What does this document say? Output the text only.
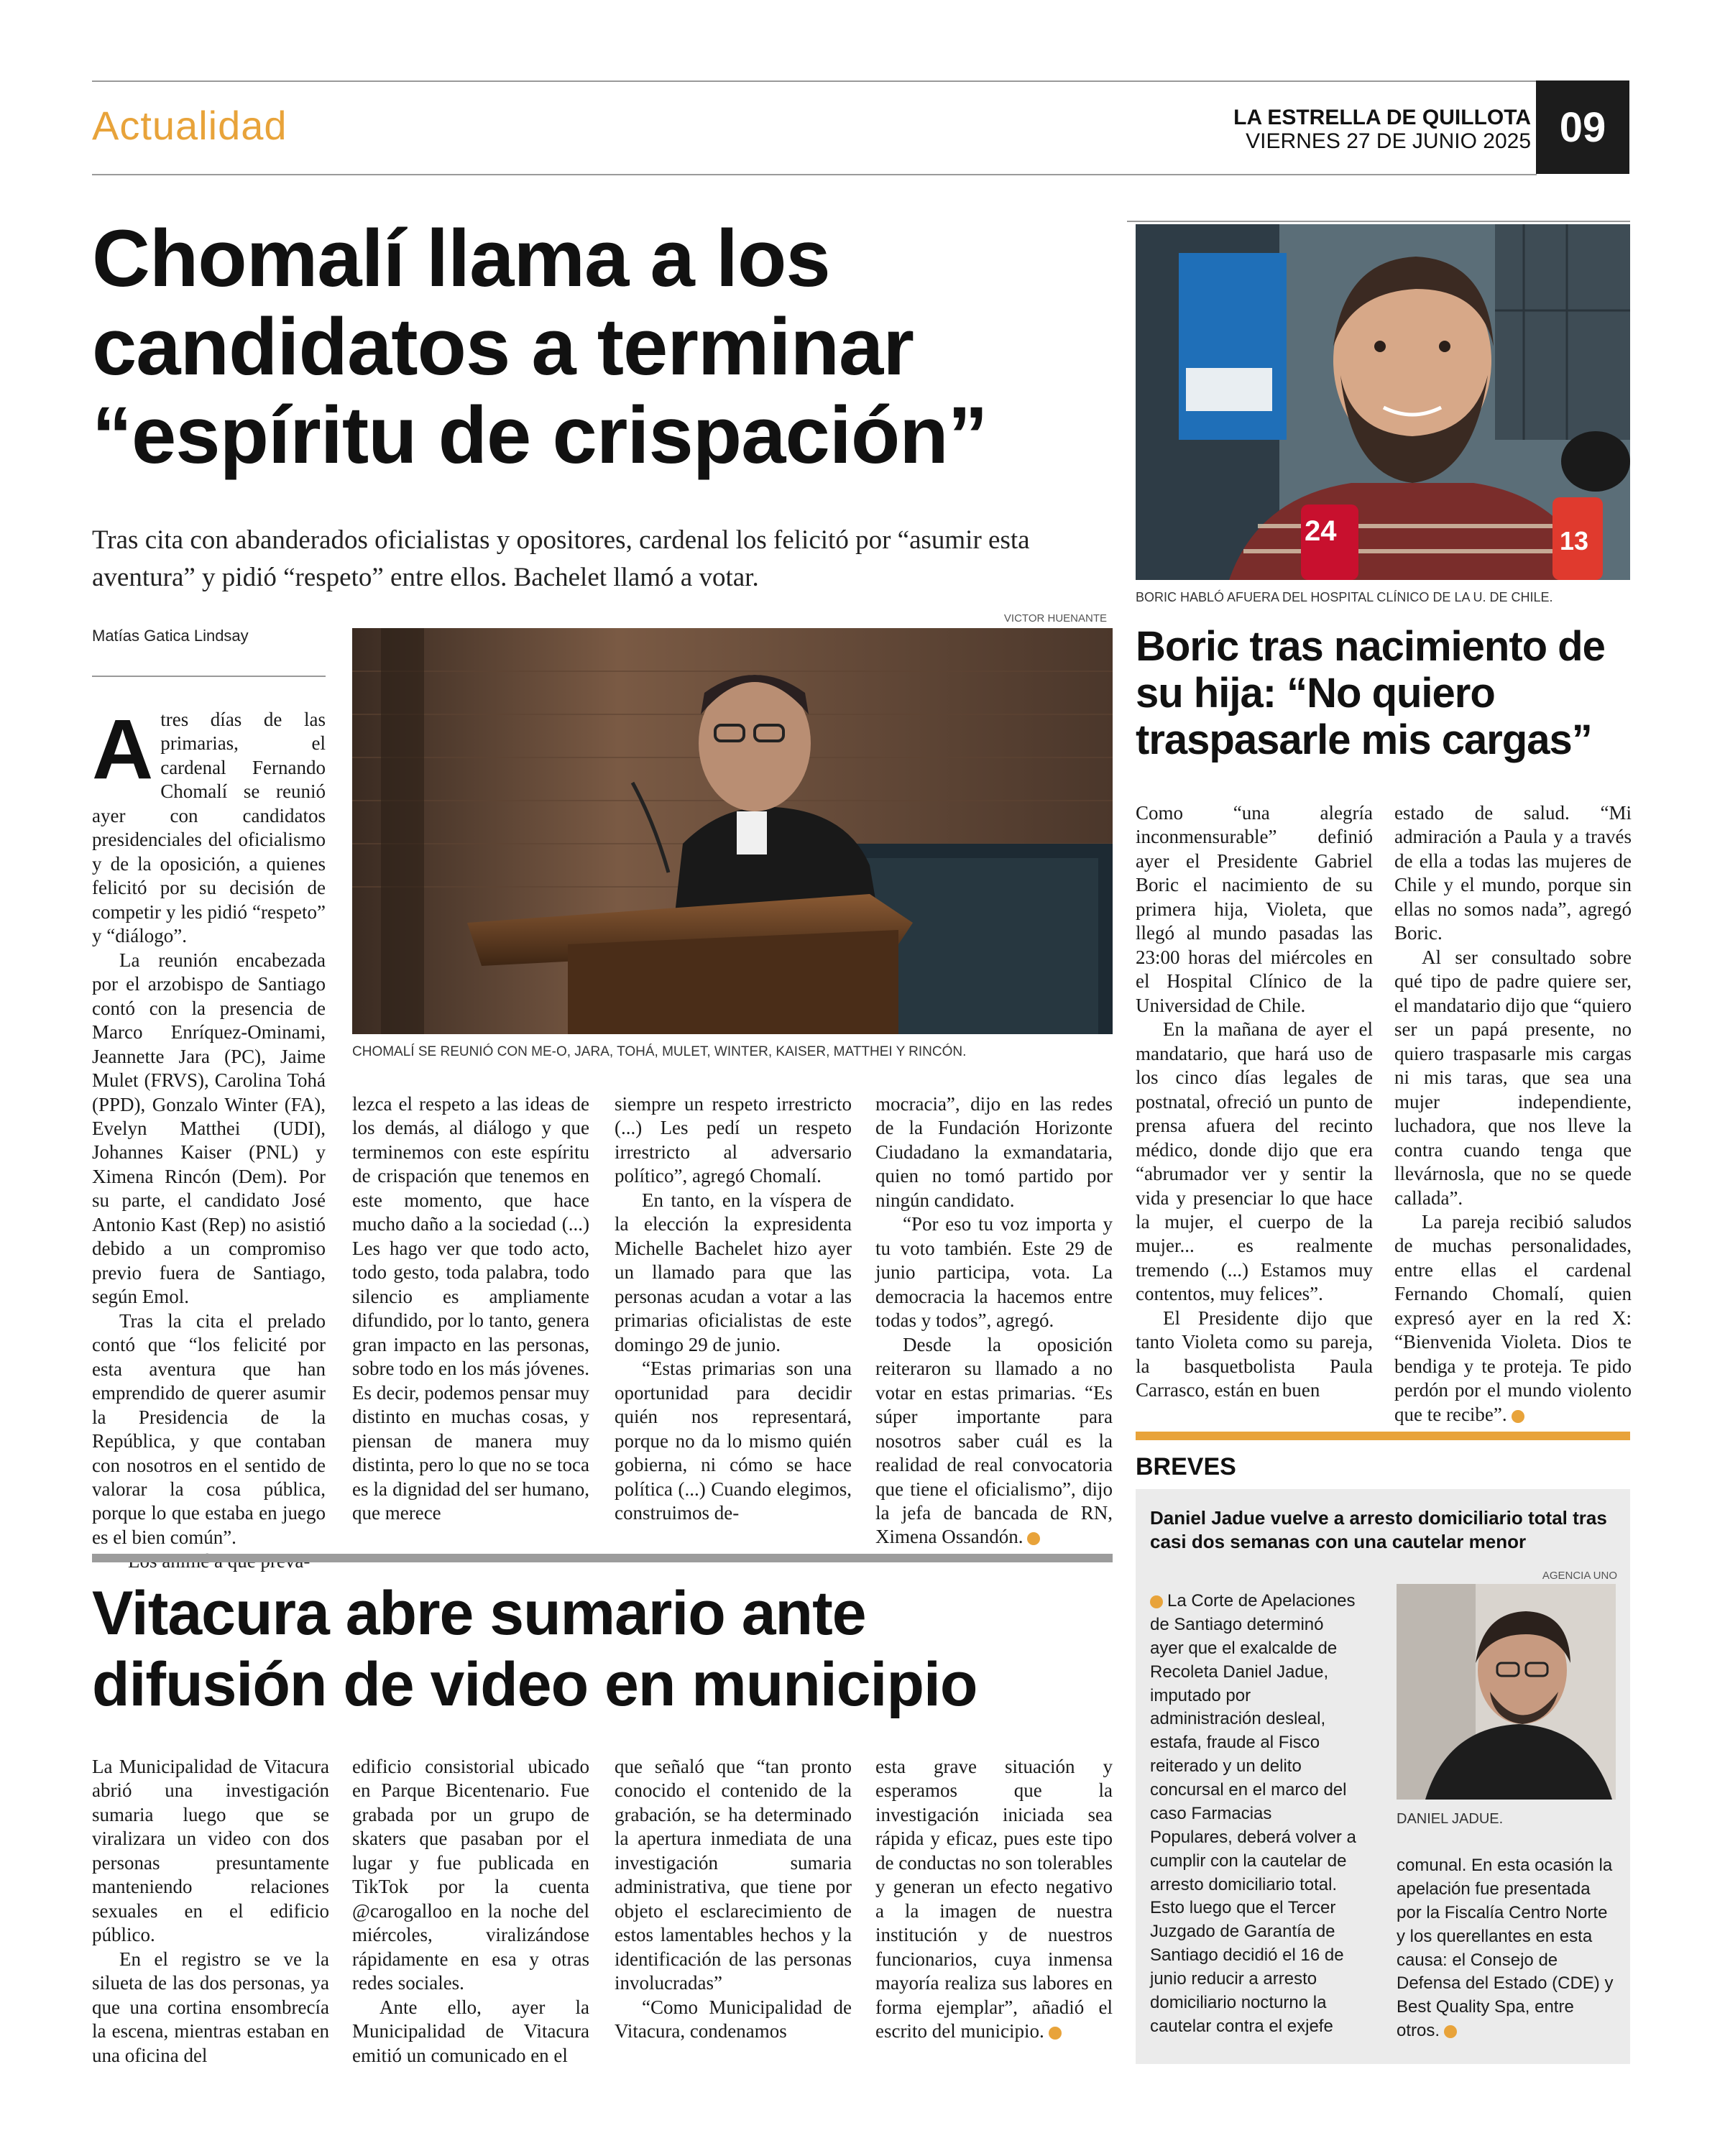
Actualidad	LA ESTRELLA DE QUILLOTA
VIERNES 27 DE JUNIO 2025 09
Chomalí llama a los
candidatos a terminar
“espíritu de crispación”
Tras cita con abanderados oficialistas y opositores, cardenal los felicitó por “asumir esta aventura” y pidió “respeto” entre ellos. Bachelet llamó a votar.
Matías Gatica Lindsay
VICTOR HUENANTE
CHOMALÍ SE REUNIÓ CON ME-O, JARA, TOHÁ, MULET, WINTER, KAISER, MATTHEI Y RINCÓN.

Atres días de las primarias, el cardenal Fernando Chomalí se reunió ayer con candidatos presidenciales del oficialismo y de la oposición, a quienes felicitó por su decisión de competir y les pidió “respeto” y “diálogo”.

La reunión encabezada por el arzobispo de Santiago contó con la presencia de Marco Enríquez-Ominami, Jeannette Jara (PC), Jaime Mulet (FRVS), Carolina Tohá (PPD), Gonzalo Winter (FA), Evelyn Matthei (UDI), Johannes Kaiser (PNL) y Ximena Rincón (Dem). Por su parte, el candidato José Antonio Kast (Rep) no asistió debido a un compromiso previo fuera de Santiago, según Emol.

Tras la cita el prelado contó que “los felicité por esta aventura que han emprendido de querer asumir la Presidencia de la República, y que contaban con nosotros en el sentido de valorar la cosa pública, porque lo que estaba en juego es el bien común”.

lezca el respeto a las ideas de los demás, al diálogo y que terminemos con este espíritu de crispación que tenemos en este momento, que hace mucho daño a la sociedad (...) Les hago ver que todo acto, todo gesto, toda palabra, todo silencio es ampliamente difundido, por lo tanto, genera gran impacto en las personas, sobre todo en los más jóvenes. Es decir, podemos pensar muy distinto en muchas cosas, y piensan de manera muy distinta, pero lo que no se toca es la dignidad del ser humano, que merece

siempre un respeto irrestricto (...) Les pedí un respeto irrestricto al adversario político”, agregó Chomalí.

En tanto, en la víspera de la elección la expresidenta Michelle Bachelet hizo ayer un llamado para que las personas acudan a votar a las primarias oficialistas de este domingo 29 de junio.

“Estas primarias son una oportunidad para decidir quién nos representará, porque no da lo mismo quién gobierna, ni cómo se hace política (...) Cuando elegimos, construimos de-

mocracia”, dijo en las redes de la Fundación Horizonte Ciudadano la exmandataria, quien no tomó partido por ningún candidato.

“Por eso tu voz importa y tu voto también. Este 29 de junio participa, vota. La democracia la hacemos entre todas y todos”, agregó.

Desde la oposición reiteraron su llamado a no votar en estas primarias. “Es súper importante para nosotros saber cuál es la realidad de real convocatoria que tiene el oficialismo”, dijo la jefa de bancada de RN, Ximena Ossandón.

24	13
BORIC HABLÓ AFUERA DEL HOSPITAL CLÍNICO DE LA U. DE CHILE.
Boric tras nacimiento de
su hija: “No quiero
traspasarle mis cargas”

Como “una alegría inconmensurable” definió ayer el Presidente Gabriel Boric el nacimiento de su primera hija, Violeta, que llegó al mundo pasadas las 23:00 horas del miércoles en el Hospital Clínico de la Universidad de Chile.

En la mañana de ayer el mandatario, que hará uso de los cinco días legales de postnatal, ofreció un punto de prensa afuera del recinto médico, donde dijo que era “abrumador ver y sentir la vida y presenciar lo que hace la mujer, el cuerpo de la mujer... es realmente tremendo (...) Estamos muy contentos, muy felices”.

El Presidente dijo que tanto Violeta como su pareja, la basquetbolista Paula Carrasco, están en buen

estado de salud. “Mi admiración a Paula y a través de ella a todas las mujeres de Chile y el mundo, porque sin ellas no somos nada”, agregó Boric.

Al ser consultado sobre qué tipo de padre quiere ser, el mandatario dijo que “quiero ser un papá presente, no quiero traspasarle mis cargas ni mis taras, que sea una mujer independiente, luchadora, que nos lleve la contra cuando tenga que llevárnosla, que no se quede callada”.

La pareja recibió saludos de muchas personalidades, entre ellas el cardenal Fernando Chomalí, quien expresó ayer en la red X: “Bienvenida Violeta. Dios te bendiga y te proteja. Te pido perdón por el mundo violento que te recibe”.

BREVES
Daniel Jadue vuelve a arresto domiciliario total tras casi dos semanas con una cautelar menor
AGENCIA UNO
DANIEL JADUE.
La Corte de Apelaciones de Santiago determinó ayer que el exalcalde de Recoleta Daniel Jadue, imputado por administración desleal, estafa, fraude al Fisco reiterado y un delito concursal en el marco del caso Farmacias Populares, deberá volver a cumplir con la cautelar de arresto domiciliario total. Esto luego que el Tercer Juzgado de Garantía de Santiago decidió el 16 de junio reducir a arresto domiciliario nocturno la cautelar contra el exjefe
comunal. En esta ocasión la apelación fue presentada por la Fiscalía Centro Norte y los querellantes en esta causa: el Consejo de Defensa del Estado (CDE) y Best Quality Spa, entre otros.
Vitacura abre sumario ante
difusión de video en municipio

La Municipalidad de Vitacura abrió una investigación sumaria luego que se viralizara un video con dos personas presuntamente manteniendo relaciones sexuales en el edificio público.

En el registro se ve la silueta de las dos personas, ya que una cortina ensombrecía la escena, mientras estaban en una oficina del

edificio consistorial ubicado en Parque Bicentenario. Fue grabada por un grupo de skaters que pasaban por el lugar y fue publicada en TikTok por la cuenta @carogalloo en la noche del miércoles, viralizándose rápidamente en esa y otras redes sociales.

Ante ello, ayer la Municipalidad de Vitacura emitió un comunicado en el

que señaló que “tan pronto conocido el contenido de la grabación, se ha determinado la apertura inmediata de una investigación sumaria administrativa, que tiene por objeto el esclarecimiento de estos lamentables hechos y la identificación de las personas involucradas”

“Como Municipalidad de Vitacura, condenamos

esta grave situación y esperamos que la investigación iniciada sea rápida y eficaz, pues este tipo de conductas no son tolerables y generan un efecto negativo a la imagen de nuestra institución y de nuestros funcionarios, cuya inmensa mayoría realiza sus labores en forma ejemplar”, añadió el escrito del municipio.
